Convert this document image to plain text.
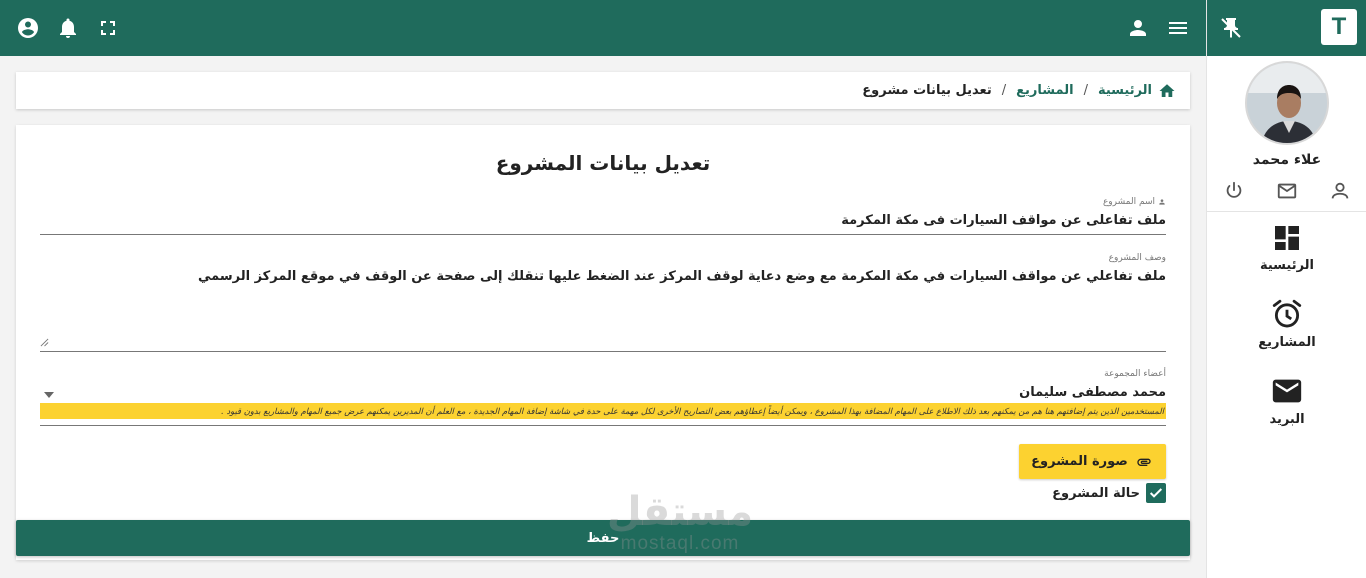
T
علاء محمد
الرئيسية
المشاريع
البريد
الرئيسية
/
المشاريع
/
تعديل بيانات مشروع
تعديل بيانات المشروع
اسم المشروع
ملف تفاعلى عن مواقف السيارات فى مكة المكرمة
وصف المشروع
ملف تفاعلي عن مواقف السيارات في مكة المكرمة مع وضع دعاية لوقف المركز عند الضغط عليها تنقلك إلى صفحة عن الوقف في موقع المركز الرسمي
أعضاء المجموعة
محمد مصطفى سليمان
المستخدمين الذين يتم إضافتهم هنا هم من يمكنهم بعد ذلك الاطلاع على المهام المضافة بهذا المشروع ، ويمكن أيضاً إعطاؤهم بعض التصاريح الأخرى لكل مهمة على حدة في شاشة إضافة المهام الجديدة ، مع العلم أن المديرين يمكنهم عرض جميع المهام والمشاريع بدون قيود .
صورة المشروع
حالة المشروع
حفظ
مستقل
mostaql.com
